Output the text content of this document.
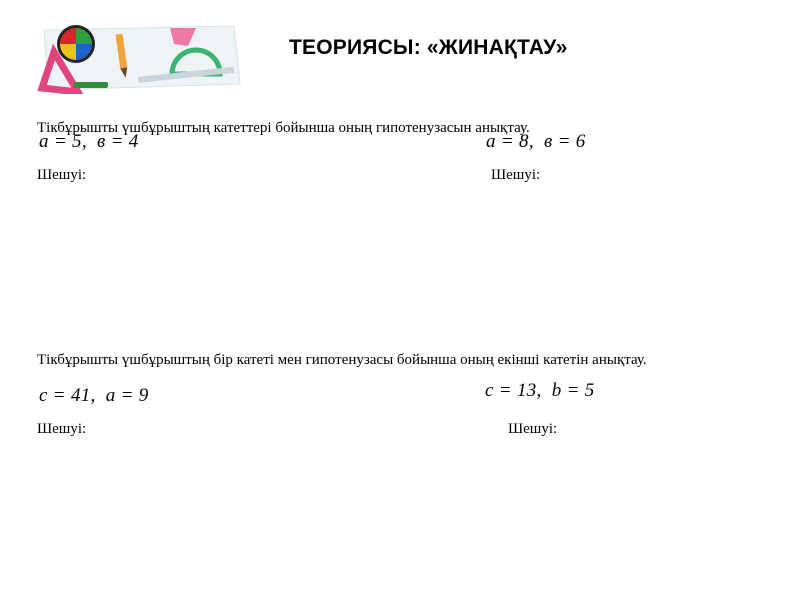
ТЕОРИЯСЫ: «ЖИНАҚТАУ»
Тікбұрышты үшбұрыштың катеттері бойынша оның гипотенузасын анықтау.
a = 5, в = 4	a = 8, в = 6
Шешуі:	Шешуі:
Тікбұрышты үшбұрыштың бір катеті мен гипотенузасы бойынша оның екінші катетін анықтау.
c = 41, a = 9	c = 13, b = 5
Шешуі:	Шешуі:
